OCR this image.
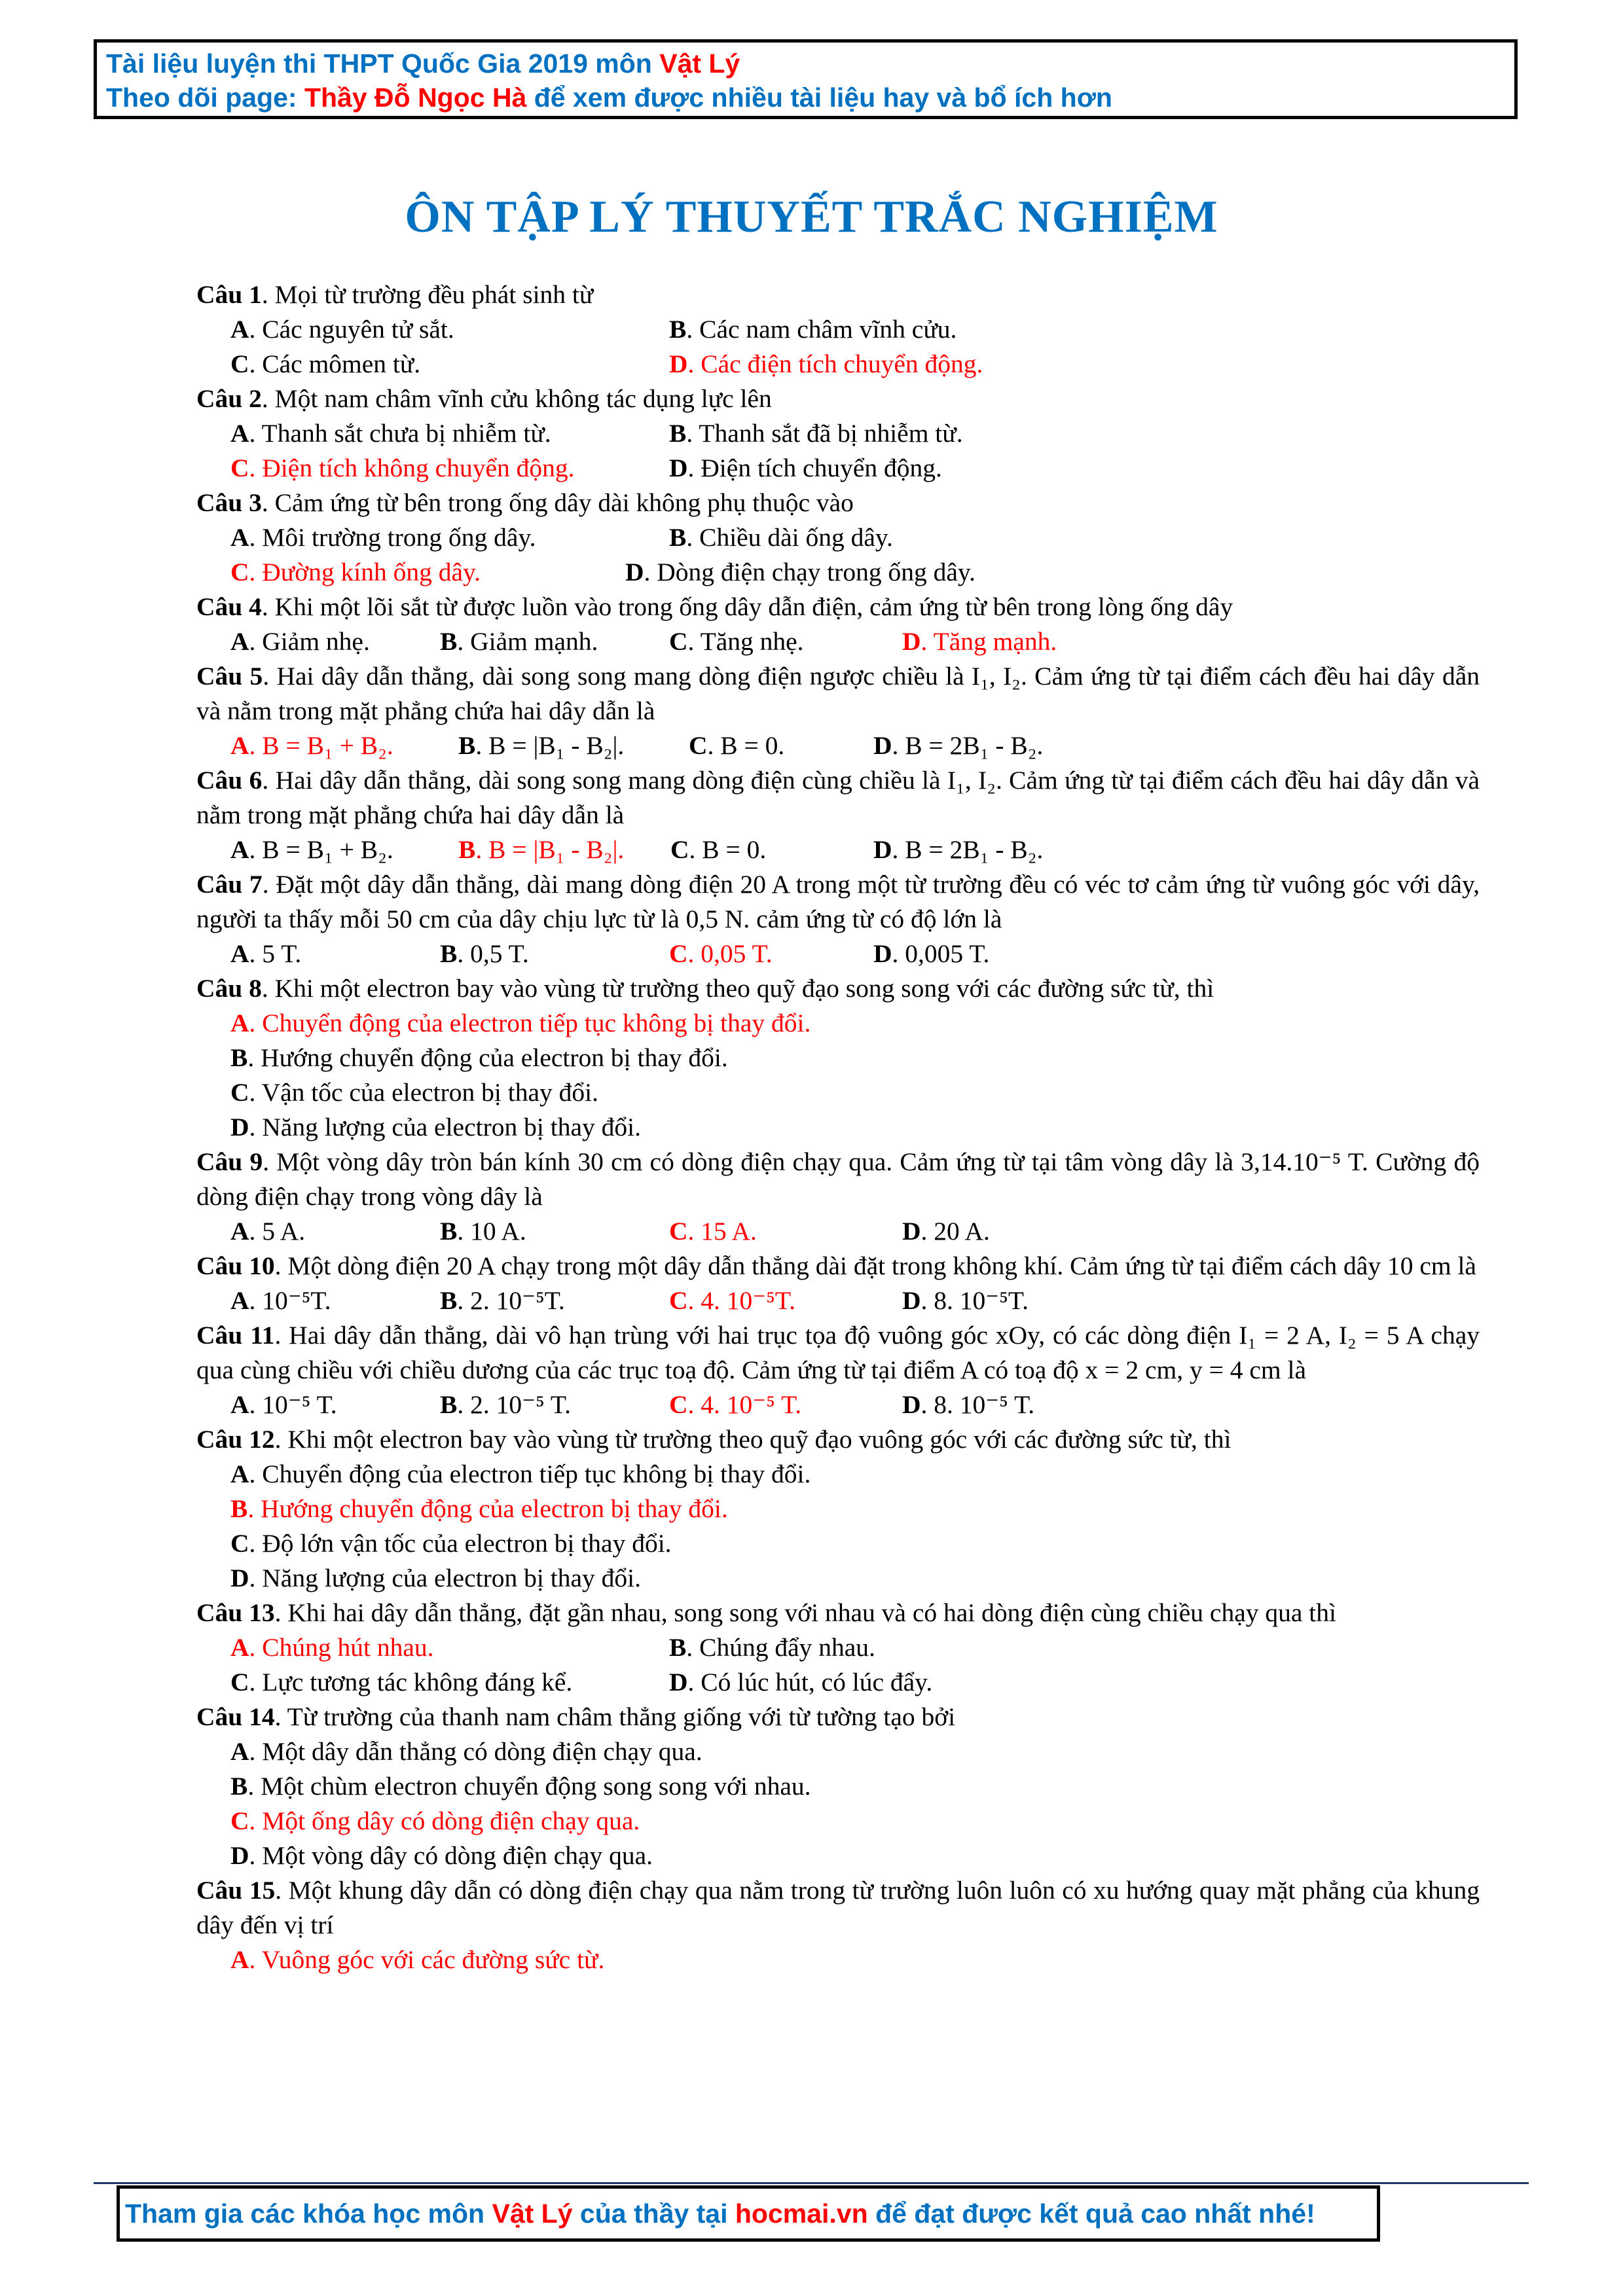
Tài liệu luyện thi THPT Quốc Gia 2019 môn Vật Lý
Theo dõi page: Thầy Đỗ Ngọc Hà để xem được nhiều tài liệu hay và bổ ích hơn
ÔN TẬP LÝ THUYẾT TRẮC NGHIỆM
Câu 1. Mọi từ trường đều phát sinh từ
A. Các nguyên tử sắt.	B. Các nam châm vĩnh cửu.
C. Các mômen từ.	D. Các điện tích chuyển động.
Câu 2. Một nam châm vĩnh cửu không tác dụng lực lên
A. Thanh sắt chưa bị nhiễm từ.	B. Thanh sắt đã bị nhiễm từ.
C. Điện tích không chuyển động.	D. Điện tích chuyển động.
Câu 3. Cảm ứng từ bên trong ống dây dài không phụ thuộc vào
A. Môi trường trong ống dây.	B. Chiều dài ống dây.
C. Đường kính ống dây.	D. Dòng điện chạy trong ống dây.
Câu 4. Khi một lõi sắt từ được luồn vào trong ống dây dẫn điện, cảm ứng từ bên trong lòng ống dây
A. Giảm nhẹ.	B. Giảm mạnh.	C. Tăng nhẹ.	D. Tăng mạnh.
Câu 5. Hai dây dẫn thẳng, dài song song mang dòng điện ngược chiều là I₁, I₂. Cảm ứng từ tại điểm cách đều hai dây dẫn và nằm trong mặt phẳng chứa hai dây dẫn là
A. B = B₁ + B₂.	B. B = |B₁ - B₂|. C. B = 0.	D. B = 2B₁ - B₂.
Câu 6. Hai dây dẫn thẳng, dài song song mang dòng điện cùng chiều là I₁, I₂. Cảm ứng từ tại điểm cách đều hai dây dẫn và nằm trong mặt phẳng chứa hai dây dẫn là
A. B = B₁ + B₂.	B. B = |B₁ - B₂|. C. B = 0.	D. B = 2B₁ - B₂.
Câu 7. Đặt một dây dẫn thẳng, dài mang dòng điện 20 A trong một từ trường đều có véc tơ cảm ứng từ vuông góc với dây, người ta thấy mỗi 50 cm của dây chịu lực từ là 0,5 N. cảm ứng từ có độ lớn là
A. 5 T.	B. 0,5 T.	C. 0,05 T.	D. 0,005 T.
Câu 8. Khi một electron bay vào vùng từ trường theo quỹ đạo song song với các đường sức từ, thì
A. Chuyển động của electron tiếp tục không bị thay đổi.
B. Hướng chuyển động của electron bị thay đổi.
C. Vận tốc của electron bị thay đổi.
D. Năng lượng của electron bị thay đổi.
Câu 9. Một vòng dây tròn bán kính 30 cm có dòng điện chạy qua. Cảm ứng từ tại tâm vòng dây là 3,14.10⁻⁵ T. Cường độ dòng điện chạy trong vòng dây là
A. 5 A.	B. 10 A.	C. 15 A.	D. 20 A.
Câu 10. Một dòng điện 20 A chạy trong một dây dẫn thẳng dài đặt trong không khí. Cảm ứng từ tại điểm cách dây 10 cm là
A. 10⁻⁵T.	B. 2. 10⁻⁵T.	C. 4. 10⁻⁵T.	D. 8. 10⁻⁵T.
Câu 11. Hai dây dẫn thẳng, dài vô hạn trùng với hai trục tọa độ vuông góc xOy, có các dòng điện I₁ = 2 A, I₂ = 5 A chạy qua cùng chiều với chiều dương của các trục toạ độ. Cảm ứng từ tại điểm A có toạ độ x = 2 cm, y = 4 cm là
A. 10⁻⁵ T.	B. 2. 10⁻⁵ T.	C. 4. 10⁻⁵ T.	D. 8. 10⁻⁵ T.
Câu 12. Khi một electron bay vào vùng từ trường theo quỹ đạo vuông góc với các đường sức từ, thì
A. Chuyển động của electron tiếp tục không bị thay đổi.
B. Hướng chuyển động của electron bị thay đổi.
C. Độ lớn vận tốc của electron bị thay đổi.
D. Năng lượng của electron bị thay đổi.
Câu 13. Khi hai dây dẫn thẳng, đặt gần nhau, song song với nhau và có hai dòng điện cùng chiều chạy qua thì
A. Chúng hút nhau.	B. Chúng đẩy nhau.
C. Lực tương tác không đáng kể.	D. Có lúc hút, có lúc đẩy.
Câu 14. Từ trường của thanh nam châm thẳng giống với từ tường tạo bởi
A. Một dây dẫn thẳng có dòng điện chạy qua.
B. Một chùm electron chuyển động song song với nhau.
C. Một ống dây có dòng điện chạy qua.
D. Một vòng dây có dòng điện chạy qua.
Câu 15. Một khung dây dẫn có dòng điện chạy qua nằm trong từ trường luôn luôn có xu hướng quay mặt phẳng của khung dây đến vị trí
A. Vuông góc với các đường sức từ.
Tham gia các khóa học môn Vật Lý của thầy tại hocmai.vn để đạt được kết quả cao nhất nhé!
